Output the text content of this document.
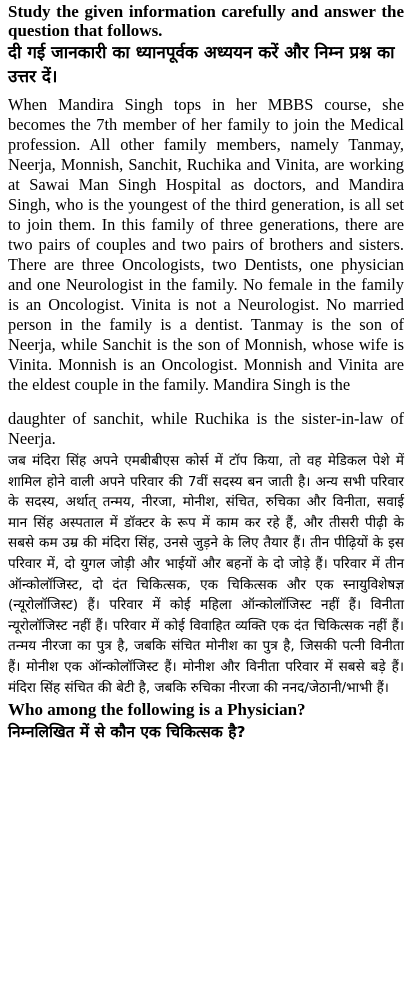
Study the given information carefully and answer the question that follows.

दी गई जानकारी का ध्यानपूर्वक अध्ययन करें और निम्न प्रश्न का उत्तर दें।

When Mandira Singh tops in her MBBS course, she becomes the 7th member of her family to join the Medical profession. All other family members, namely Tanmay, Neerja, Monnish, Sanchit, Ruchika and Vinita, are working at Sawai Man Singh Hospital as doctors, and Mandira Singh, who is the youngest of the third generation, is all set to join them. In this family of three generations, there are two pairs of couples and two pairs of brothers and sisters. There are three Oncologists, two Dentists, one physician and one Neurologist in the family. No female in the family is an Oncologist. Vinita is not a Neurologist. No married person in the family is a dentist. Tanmay is the son of Neerja, while Sanchit is the son of Monnish, whose wife is Vinita. Monnish is an Oncologist. Monnish and Vinita are the eldest couple in the family. Mandira Singh is the

daughter of sanchit, while Ruchika is the sister-in-law of Neerja.

जब मंदिरा सिंह अपने एमबीबीएस कोर्स में टॉप किया, तो वह मेडिकल पेशे में शामिल होने वाली अपने परिवार की 7वीं सदस्य बन जाती है। अन्य सभी परिवार के सदस्य, अर्थात् तन्मय, नीरजा, मोनीश, संचित, रुचिका और विनीता, सवाई मान सिंह अस्पताल में डॉक्टर के रूप में काम कर रहे हैं, और तीसरी पीढ़ी के सबसे कम उम्र की मंदिरा सिंह, उनसे जुड़ने के लिए तैयार हैं। तीन पीढ़ियों के इस परिवार में, दो युगल जोड़ी और भाईयों और बहनों के दो जोड़े हैं। परिवार में तीन ऑन्कोलॉजिस्ट, दो दंत चिकित्सक, एक चिकित्सक और एक स्नायुविशेषज्ञ (न्यूरोलॉजिस्ट) हैं। परिवार में कोई महिला ऑन्कोलॉजिस्ट नहीं हैं। विनीता न्यूरोलॉजिस्ट नहीं हैं। परिवार में कोई विवाहित व्यक्ति एक दंत चिकित्सक नहीं हैं। तन्मय नीरजा का पुत्र है, जबकि संचित मोनीश का पुत्र है, जिसकी पत्नी विनीता हैं। मोनीश एक ऑन्कोलॉजिस्ट हैं। मोनीश और विनीता परिवार में सबसे बड़े हैं। मंदिरा सिंह संचित की बेटी है, जबकि रुचिका नीरजा की ननद/जेठानी/भाभी हैं।

Who among the following is a Physician?

निम्नलिखित में से कौन एक चिकित्सक है?
